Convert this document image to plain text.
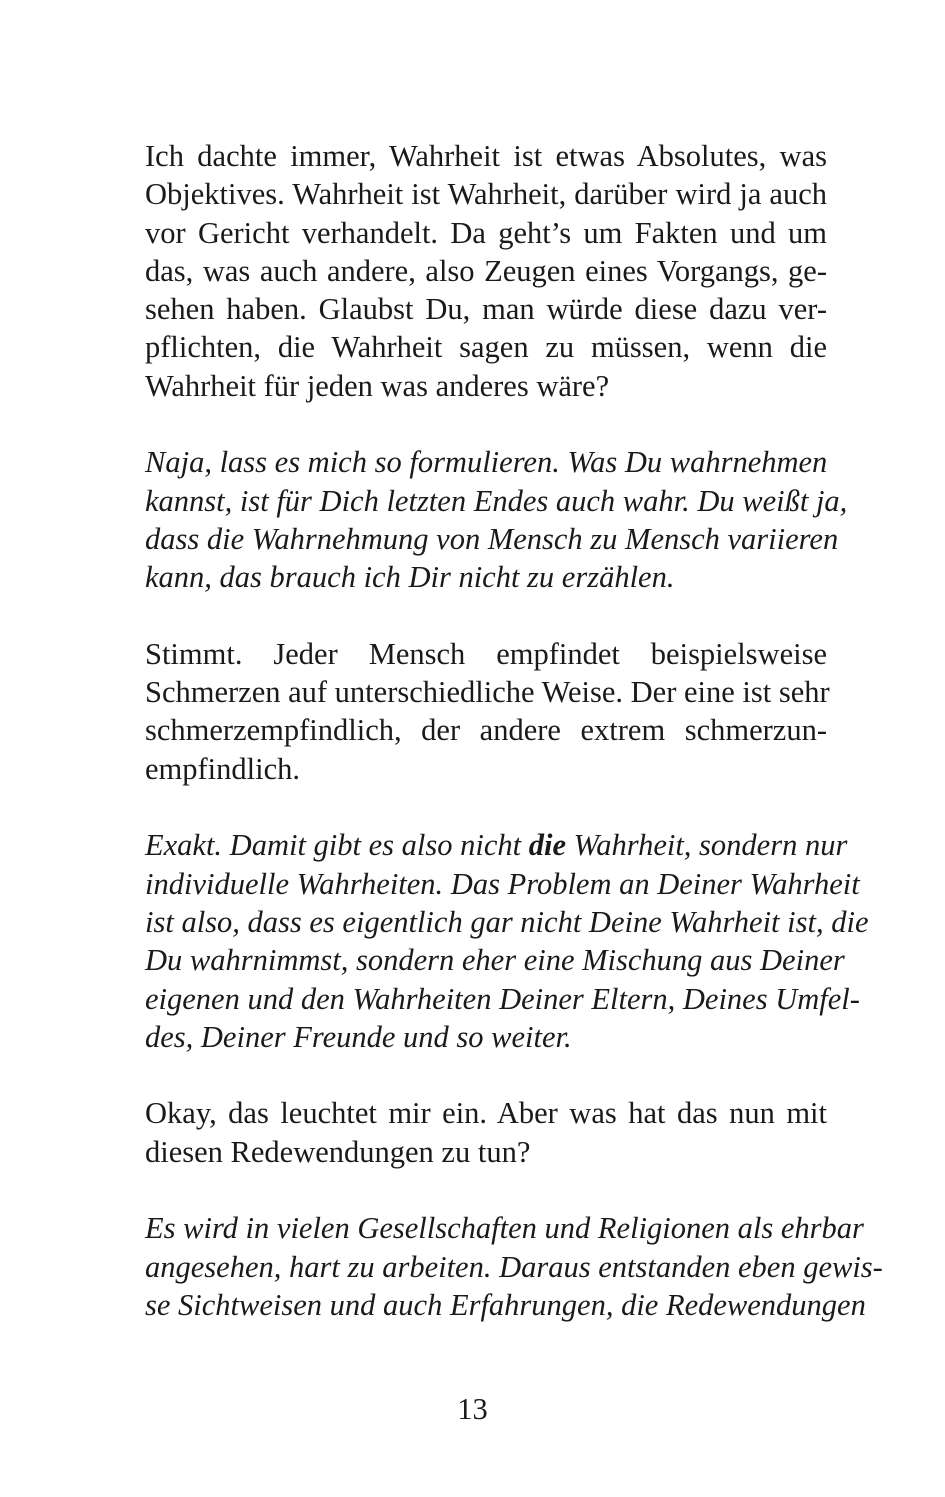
Ich dachte immer, Wahrheit ist etwas Absolutes, was
Objektives. Wahrheit ist Wahrheit, darüber wird ja auch
vor Gericht verhandelt. Da geht’s um Fakten und um
das, was auch andere, also Zeugen eines Vorgangs, ge-
sehen haben. Glaubst Du, man würde diese dazu ver-
pflichten, die Wahrheit sagen zu müssen, wenn die
Wahrheit für jeden was anderes wäre?

Naja, lass es mich so formulieren. Was Du wahrnehmen
kannst, ist für Dich letzten Endes auch wahr. Du weißt ja,
dass die Wahrnehmung von Mensch zu Mensch variieren
kann, das brauch ich Dir nicht zu erzählen.

Stimmt. Jeder Mensch empfindet beispielsweise
Schmerzen auf unterschiedliche Weise. Der eine ist sehr
schmerzempfindlich, der andere extrem schmerzun-
empfindlich.

Exakt. Damit gibt es also nicht die Wahrheit, sondern nur
individuelle Wahrheiten. Das Problem an Deiner Wahrheit
ist also, dass es eigentlich gar nicht Deine Wahrheit ist, die
Du wahrnimmst, sondern eher eine Mischung aus Deiner
eigenen und den Wahrheiten Deiner Eltern, Deines Umfel-
des, Deiner Freunde und so weiter.

Okay, das leuchtet mir ein. Aber was hat das nun mit
diesen Redewendungen zu tun?

Es wird in vielen Gesellschaften und Religionen als ehrbar
angesehen, hart zu arbeiten. Daraus entstanden eben gewis-
se Sichtweisen und auch Erfahrungen, die Redewendungen

13
